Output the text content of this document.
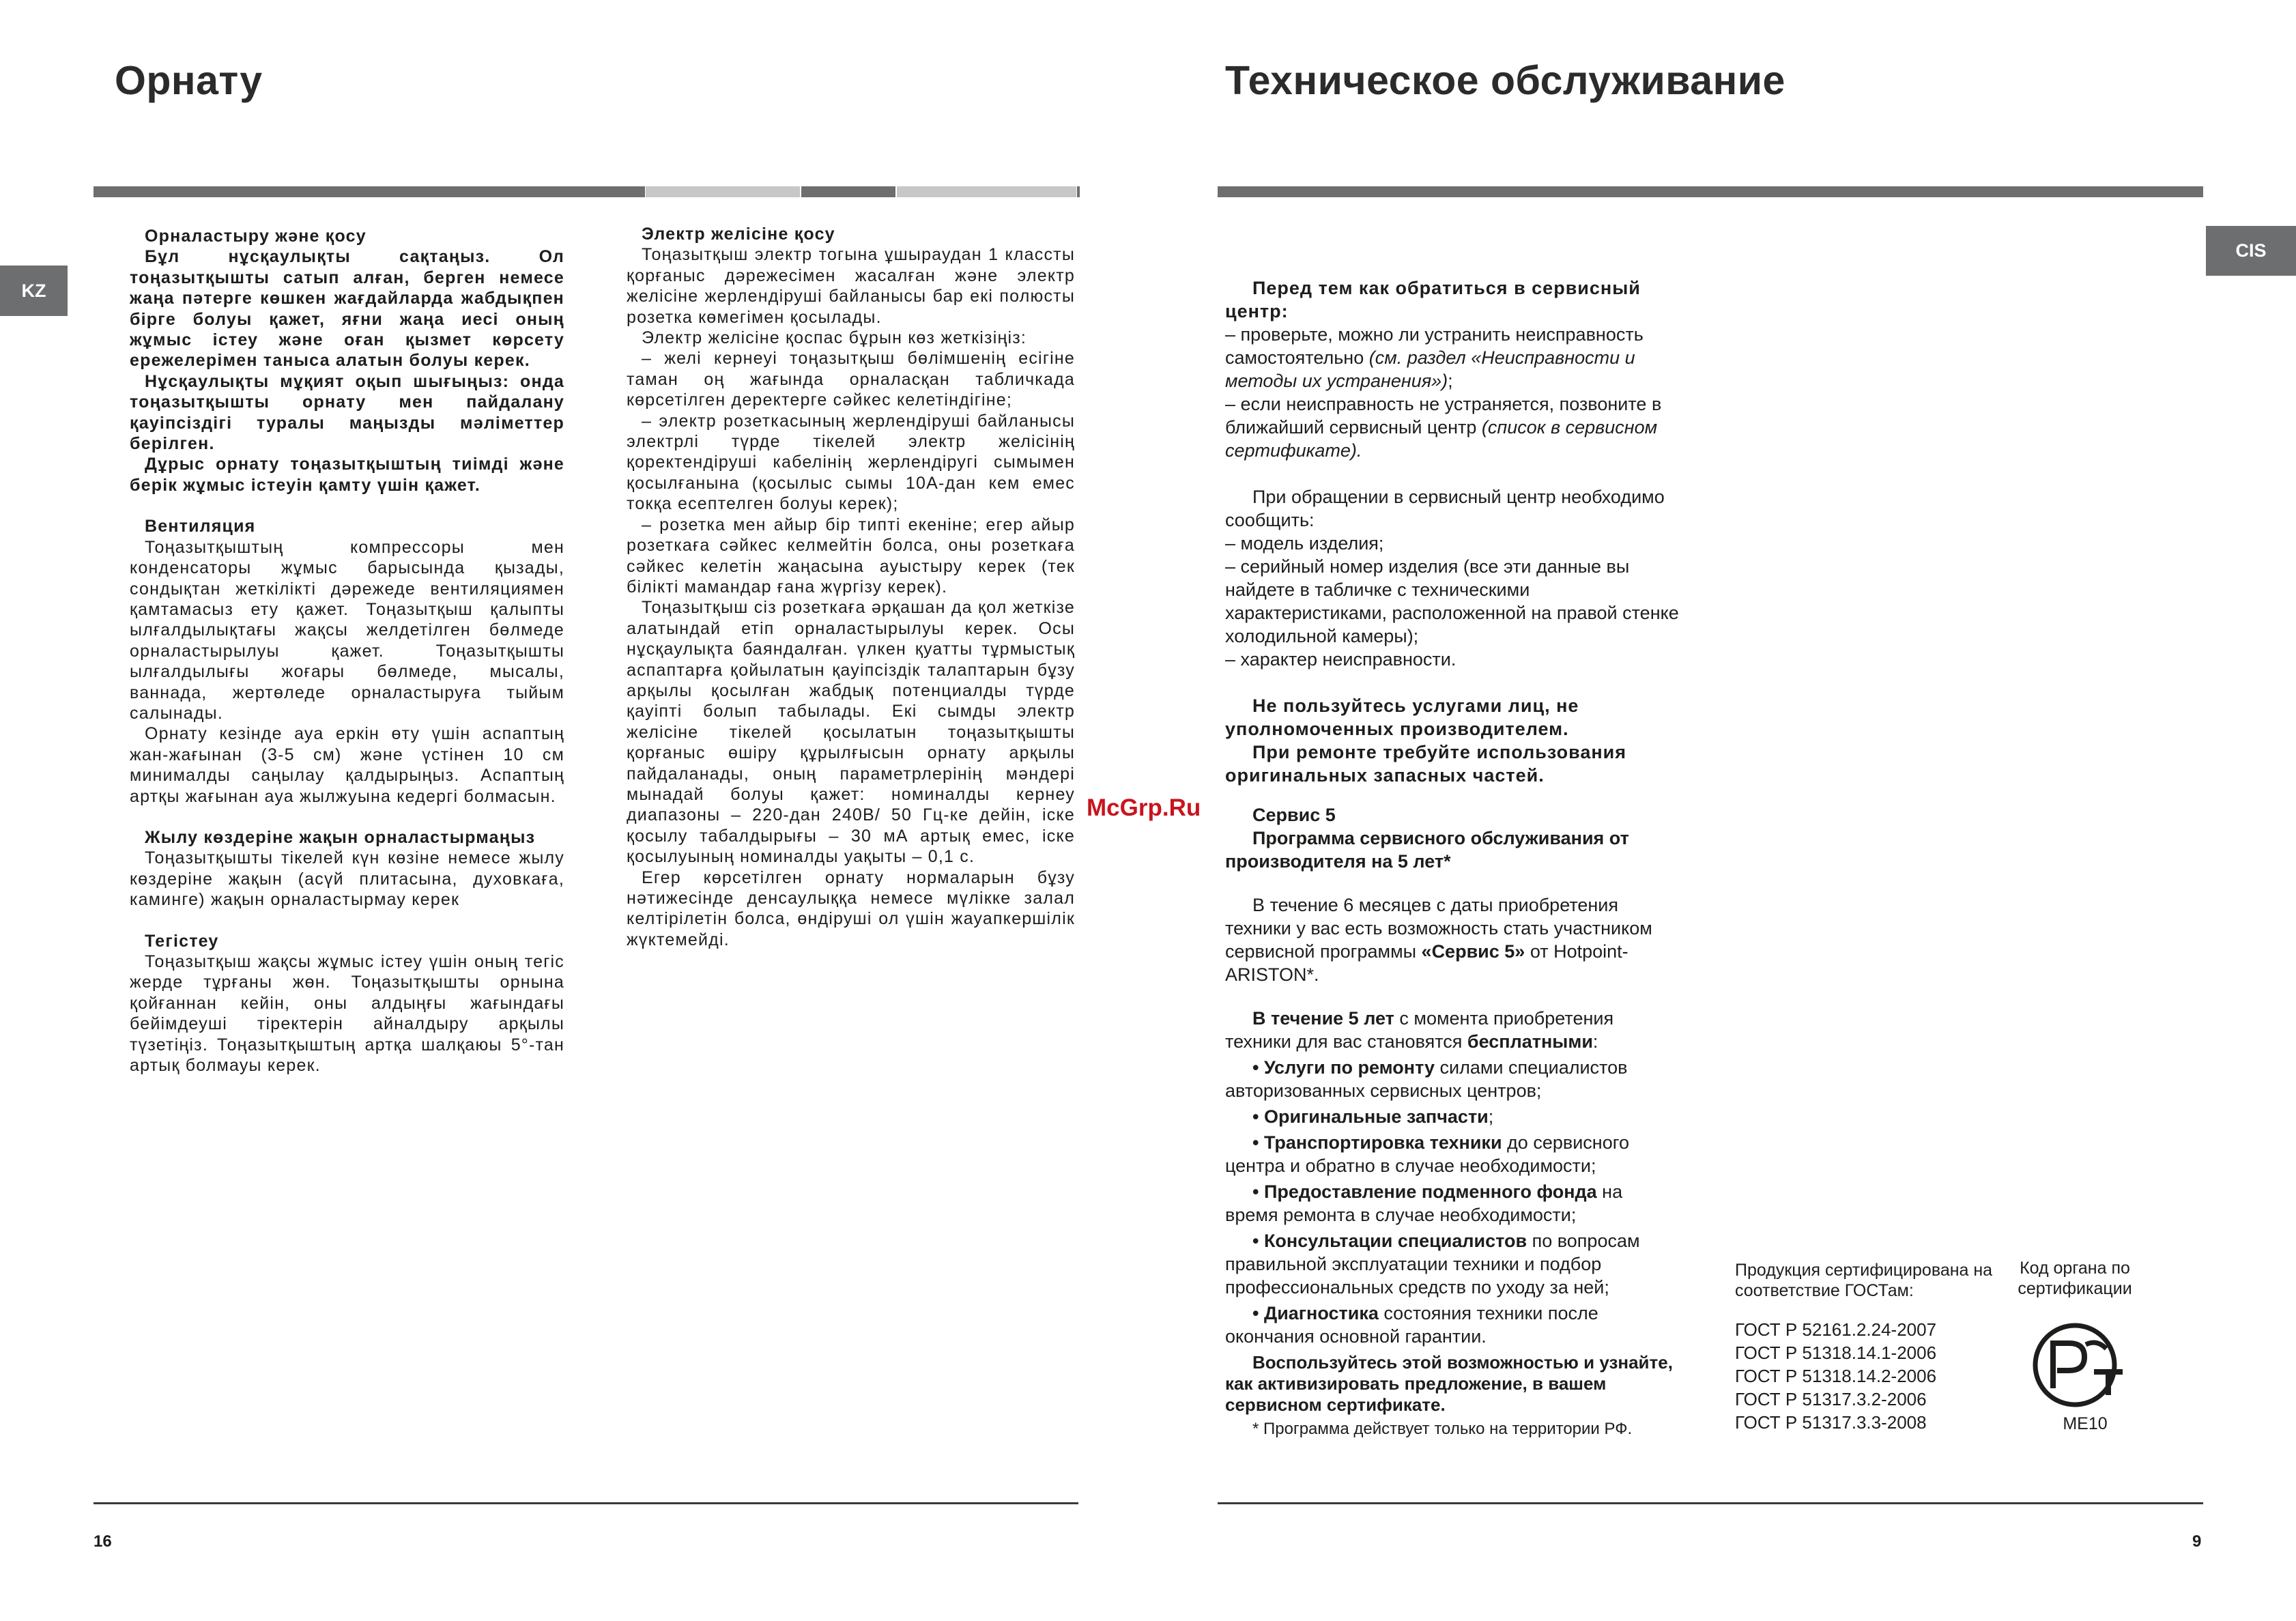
Орнату
KZ
Орналастыру және қосу

Бұл нұсқаулықты сақтаңыз. Ол тоңазытқышты сатып алған, берген немесе жаңа пәтерге көшкен жағдайларда жабдықпен бірге болуы қажет, яғни жаңа иесі оның жұмыс істеу және оған қызмет көрсету ережелерімен таныса алатын болуы керек.

Нұсқаулықты мұқият оқып шығыңыз: онда тоңазытқышты орнату мен пайдалану қауіпсіздігі туралы маңызды мәліметтер берілген.

Дұрыс орнату тоңазытқыштың тиімді және берік жұмыс істеуін қамту үшін қажет.

Вентиляция

Тоңазытқыштың компрессоры мен конденсаторы жұмыс барысында қызады, сондықтан жеткілікті дәрежеде вентиляциямен қамтамасыз ету қажет. Тоңазытқыш қалыпты ылғалдылықтағы жақсы желдетілген бөлмеде орналастырылуы қажет. Тоңазытқышты ылғалдылығы жоғары бөлмеде, мысалы, ваннада, жертөледе орналастыруға тыйым салынады.

Орнату кезінде ауа еркін өту үшін аспаптың жан-жағынан (3-5 см) және үстінен 10 см минималды саңылау қалдырыңыз. Аспаптың артқы жағынан ауа жылжуына кедергі болмасын.

Жылу көздеріне жақын орналастырмаңыз

Тоңазытқышты тікелей күн көзіне немесе жылу көздеріне жақын (асүй плитасына, духовкаға, каминге) жақын орналастырмау керек

Тегістеу

Тоңазытқыш жақсы жұмыс істеу үшін оның тегіс жерде тұрғаны жөн. Тоңазытқышты орнына қойғаннан кейін, оны алдыңғы жағындағы бейімдеуші тіректерін айналдыру арқылы түзетіңіз. Тоңазытқыштың артқа шалқаюы 5°-тан артық болмауы керек.

Электр желісіне қосу

Тоңазытқыш электр тогына ұшыраудан 1 классты қорғаныс дәрежесімен жасалған және электр желісіне жерлендіруші байланысы бар екі полюсты розетка көмегімен қосылады.

Электр желісіне қоспас бұрын көз жеткізіңіз:

– желі кернеуі тоңазытқыш бөлімшенің есігіне таман оң жағында орналасқан табличкада көрсетілген деректерге сәйкес келетіндігіне;

– электр розеткасының жерлендіруші байланысы электрлі түрде тікелей электр желісінің қоректендіруші кабелінің жерлендіругі сымымен қосылғанына (қосылыс сымы 10А-дан кем емес токқа есептелген болуы керек);

– розетка мен айыр бір типті екеніне; егер айыр розеткаға сәйкес келмейтін болса, оны розеткаға сәйкес келетін жаңасына ауыстыру керек (тек білікті мамандар ғана жүргізу керек).

Тоңазытқыш сіз розеткаға әрқашан да қол жеткізе алатындай етіп орналастырылуы керек. Осы нұсқаулықта баяндалған. үлкен қуатты тұрмыстық аспаптарға қойылатын қауіпсіздік талаптарын бұзу арқылы қосылған жабдық потенциалды түрде қауіпті болып табылады. Екі сымды электр желісіне тікелей қосылатын тоңазытқышты қорғаныс өшіру құрылғысын орнату арқылы пайдаланады, оның параметрлерінің мәндері мынадай болуы қажет: номиналды кернеу диапазоны – 220-дан 240В/ 50 Гц-ке дейін, іске қосылу табалдырығы – 30 мА артық емес, іске қосылуының номиналды уақыты – 0,1 с.

Егер көрсетілген орнату нормаларын бұзу нәтижесінде денсаулыққа немесе мүлікке залал келтірілетін болса, өндіруші ол үшін жауапкершілік жүктемейді.

16
Техническое обслуживание
CIS

Перед тем как обратиться в сервисный центр:

– проверьте, можно ли устранить неисправность самостоятельно (см. раздел «Неисправности и методы их устранения»);

– если неисправность не устраняется, позвоните в ближайший сервисный центр (список в сервисном сертификате).

При обращении в сервисный центр необходимо сообщить:

– модель изделия;

– серийный номер изделия (все эти данные вы найдете в табличке с техническими характеристиками, расположенной на правой стенке холодильной камеры);

– характер неисправности.

Не пользуйтесь услугами лиц, не уполномоченных производителем.

При ремонте требуйте использования оригинальных запасных частей.

Сервис 5

Программа сервисного обслуживания от производителя на 5 лет*

В течение 6 месяцев с даты приобретения техники у вас есть возможность стать участником сервисной программы «Сервис 5» от Hotpoint-ARISTON*.

В течение 5 лет с момента приобретения техники для вас становятся бесплатными:

• Услуги по ремонту силами специалистов авторизованных сервисных центров;

• Оригинальные запчасти;

• Транспортировка техники до сервисного центра и обратно в случае необходимости;

• Предоставление подменного фонда на время ремонта в случае необходимости;

• Консультации специалистов по вопросам правильной эксплуатации техники и подбор профессиональных средств по уходу за ней;

• Диагностика состояния техники после окончания основной гарантии.

Воспользуйтесь этой возможностью и узнайте, как активизировать предложение, в вашем сервисном сертификате.

* Программа действует только на территории РФ.
Продукция сертифицирована на соответствие ГОСТам:
ГОСТ Р 52161.2.24-2007
ГОСТ Р 51318.14.1-2006
ГОСТ Р 51318.14.2-2006
ГОСТ Р 51317.3.2-2006
ГОСТ Р 51317.3.3-2008
Код органа по сертификации
МЕ10
9
McGrp.Ru
